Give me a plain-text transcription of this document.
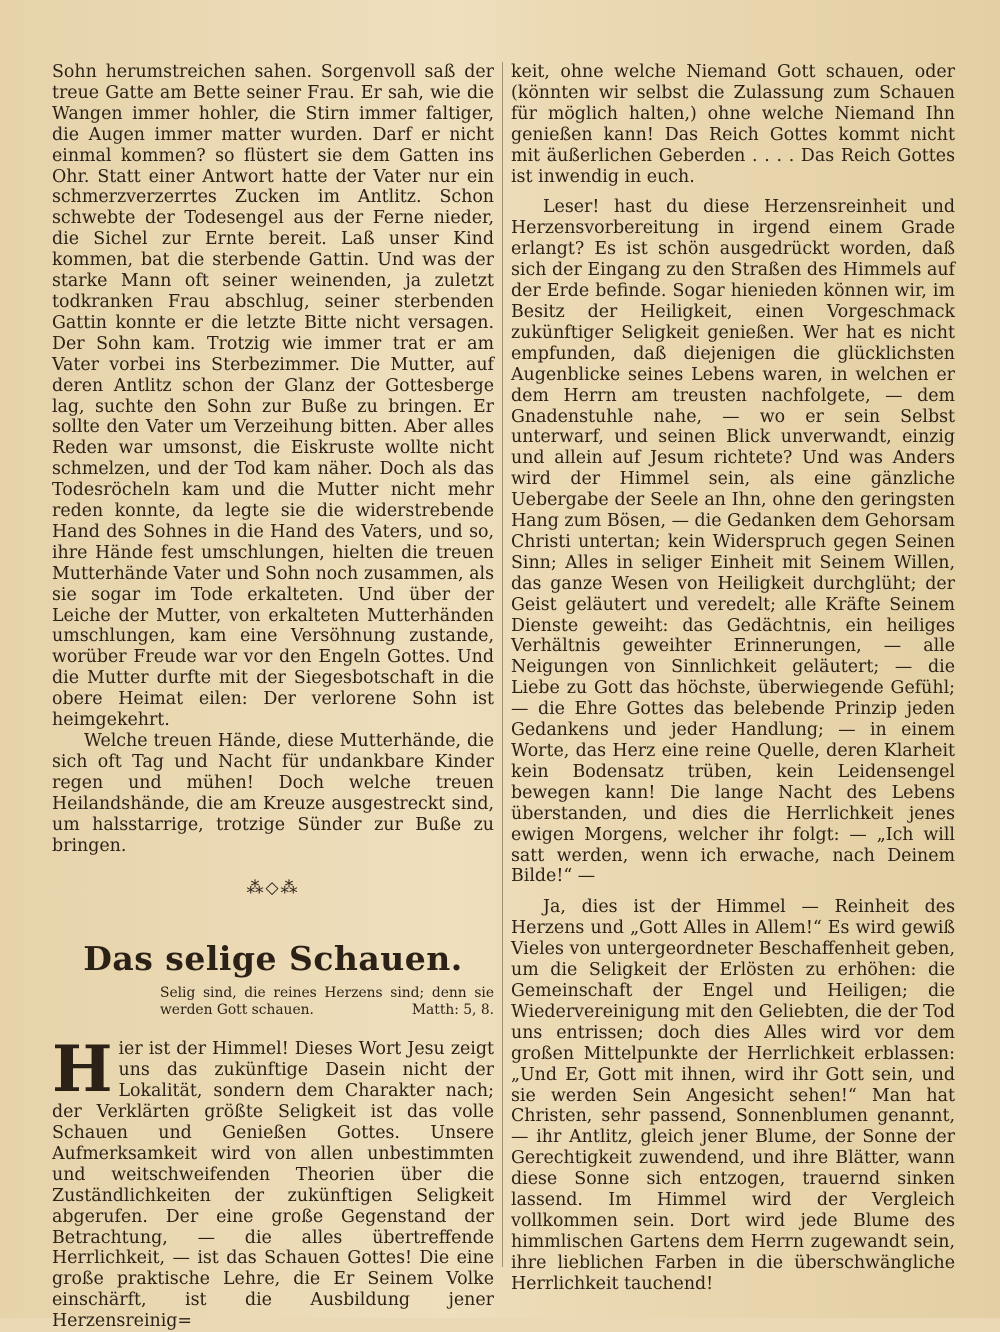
Sohn herumstreichen sahen. Sorgenvoll saß der treue Gatte am Bette seiner Frau. Er sah, wie die Wangen immer hohler, die Stirn immer faltiger, die Augen immer matter wurden. Darf er nicht einmal kommen? so flüstert sie dem Gatten ins Ohr. Statt einer Antwort hatte der Vater nur ein schmerzverzerrtes Zucken im Antlitz. Schon schwebte der Todesengel aus der Ferne nieder, die Sichel zur Ernte bereit. Laß unser Kind kommen, bat die sterbende Gattin. Und was der starke Mann oft seiner weinenden, ja zuletzt todkranken Frau abschlug, seiner sterbenden Gattin konnte er die letzte Bitte nicht versagen. Der Sohn kam. Trotzig wie immer trat er am Vater vorbei ins Sterbezimmer. Die Mutter, auf deren Antlitz schon der Glanz der Gottesberge lag, suchte den Sohn zur Buße zu bringen. Er sollte den Vater um Verzeihung bitten. Aber alles Reden war umsonst, die Eiskruste wollte nicht schmelzen, und der Tod kam näher. Doch als das Todesröcheln kam und die Mutter nicht mehr reden konnte, da legte sie die widerstrebende Hand des Sohnes in die Hand des Vaters, und so, ihre Hände fest umschlungen, hielten die treuen Mutterhände Vater und Sohn noch zusammen, als sie sogar im Tode erkalteten. Und über der Leiche der Mutter, von erkalteten Mutterhänden umschlungen, kam eine Versöhnung zustande, worüber Freude war vor den Engeln Gottes. Und die Mutter durfte mit der Siegesbotschaft in die obere Heimat eilen: Der verlorene Sohn ist heimgekehrt.

Welche treuen Hände, diese Mutterhände, die sich oft Tag und Nacht für undankbare Kinder regen und mühen! Doch welche treuen Heilandshände, die am Kreuze ausgestreckt sind, um halsstarrige, trotzige Sünder zur Buße zu bringen.

⁂◇⁂
Das selige Schauen.
Selig sind, die reines Herzens sind; denn sie werden Gott schauen.	Matth: 5, 8.

Hier ist der Himmel! Dieses Wort Jesu zeigt uns das zukünftige Dasein nicht der Lokalität, sondern dem Charakter nach; der Verklärten größte Seligkeit ist das volle Schauen und Genießen Gottes. Unsere Aufmerksamkeit wird von allen unbestimmten und weitschweifenden Theorien über die Zuständlichkeiten der zukünftigen Seligkeit abgerufen. Der eine große Gegenstand der Betrachtung, — die alles übertreffende Herrlichkeit, — ist das Schauen Gottes! Die eine große praktische Lehre, die Er Seinem Volke einschärft, ist die Ausbildung jener Herzensreinig=

keit, ohne welche Niemand Gott schauen, oder (könnten wir selbst die Zulassung zum Schauen für möglich halten,) ohne welche Niemand Ihn genießen kann! Das Reich Gottes kommt nicht mit äußerlichen Geberden . . . . Das Reich Gottes ist inwendig in euch.

Leser! hast du diese Herzensreinheit und Herzensvorbereitung in irgend einem Grade erlangt? Es ist schön ausgedrückt worden, daß sich der Eingang zu den Straßen des Himmels auf der Erde befinde. Sogar hienieden können wir, im Besitz der Heiligkeit, einen Vorgeschmack zukünftiger Seligkeit genießen. Wer hat es nicht empfunden, daß diejenigen die glücklichsten Augenblicke seines Lebens waren, in welchen er dem Herrn am treusten nachfolgete, — dem Gnadenstuhle nahe, — wo er sein Selbst unterwarf, und seinen Blick unverwandt, einzig und allein auf Jesum richtete? Und was Anders wird der Himmel sein, als eine gänzliche Uebergabe der Seele an Ihn, ohne den geringsten Hang zum Bösen, — die Gedanken dem Gehorsam Christi untertan; kein Widerspruch gegen Seinen Sinn; Alles in seliger Einheit mit Seinem Willen, das ganze Wesen von Heiligkeit durchglüht; der Geist geläutert und veredelt; alle Kräfte Seinem Dienste geweiht: das Gedächtnis, ein heiliges Verhältnis geweihter Erinnerungen, — alle Neigungen von Sinnlichkeit geläutert; — die Liebe zu Gott das höchste, überwiegende Gefühl; — die Ehre Gottes das belebende Prinzip jeden Gedankens und jeder Handlung; — in einem Worte, das Herz eine reine Quelle, deren Klarheit kein Bodensatz trüben, kein Leidensengel bewegen kann! Die lange Nacht des Lebens überstanden, und dies die Herrlichkeit jenes ewigen Morgens, welcher ihr folgt: — „Ich will satt werden, wenn ich erwache, nach Deinem Bilde!“ —

Ja, dies ist der Himmel — Reinheit des Herzens und „Gott Alles in Allem!“ Es wird gewiß Vieles von untergeordneter Beschaffenheit geben, um die Seligkeit der Erlösten zu erhöhen: die Gemeinschaft der Engel und Heiligen; die Wiedervereinigung mit den Geliebten, die der Tod uns entrissen; doch dies Alles wird vor dem großen Mittelpunkte der Herrlichkeit erblassen: „Und Er, Gott mit ihnen, wird ihr Gott sein, und sie werden Sein Angesicht sehen!“ Man hat Christen, sehr passend, Sonnenblumen genannt, — ihr Antlitz, gleich jener Blume, der Sonne der Gerechtigkeit zuwendend, und ihre Blätter, wann diese Sonne sich entzogen, trauernd sinken lassend. Im Himmel wird der Vergleich vollkommen sein. Dort wird jede Blume des himmlischen Gartens dem Herrn zugewandt sein, ihre lieblichen Farben in die überschwängliche Herrlichkeit tauchend!
